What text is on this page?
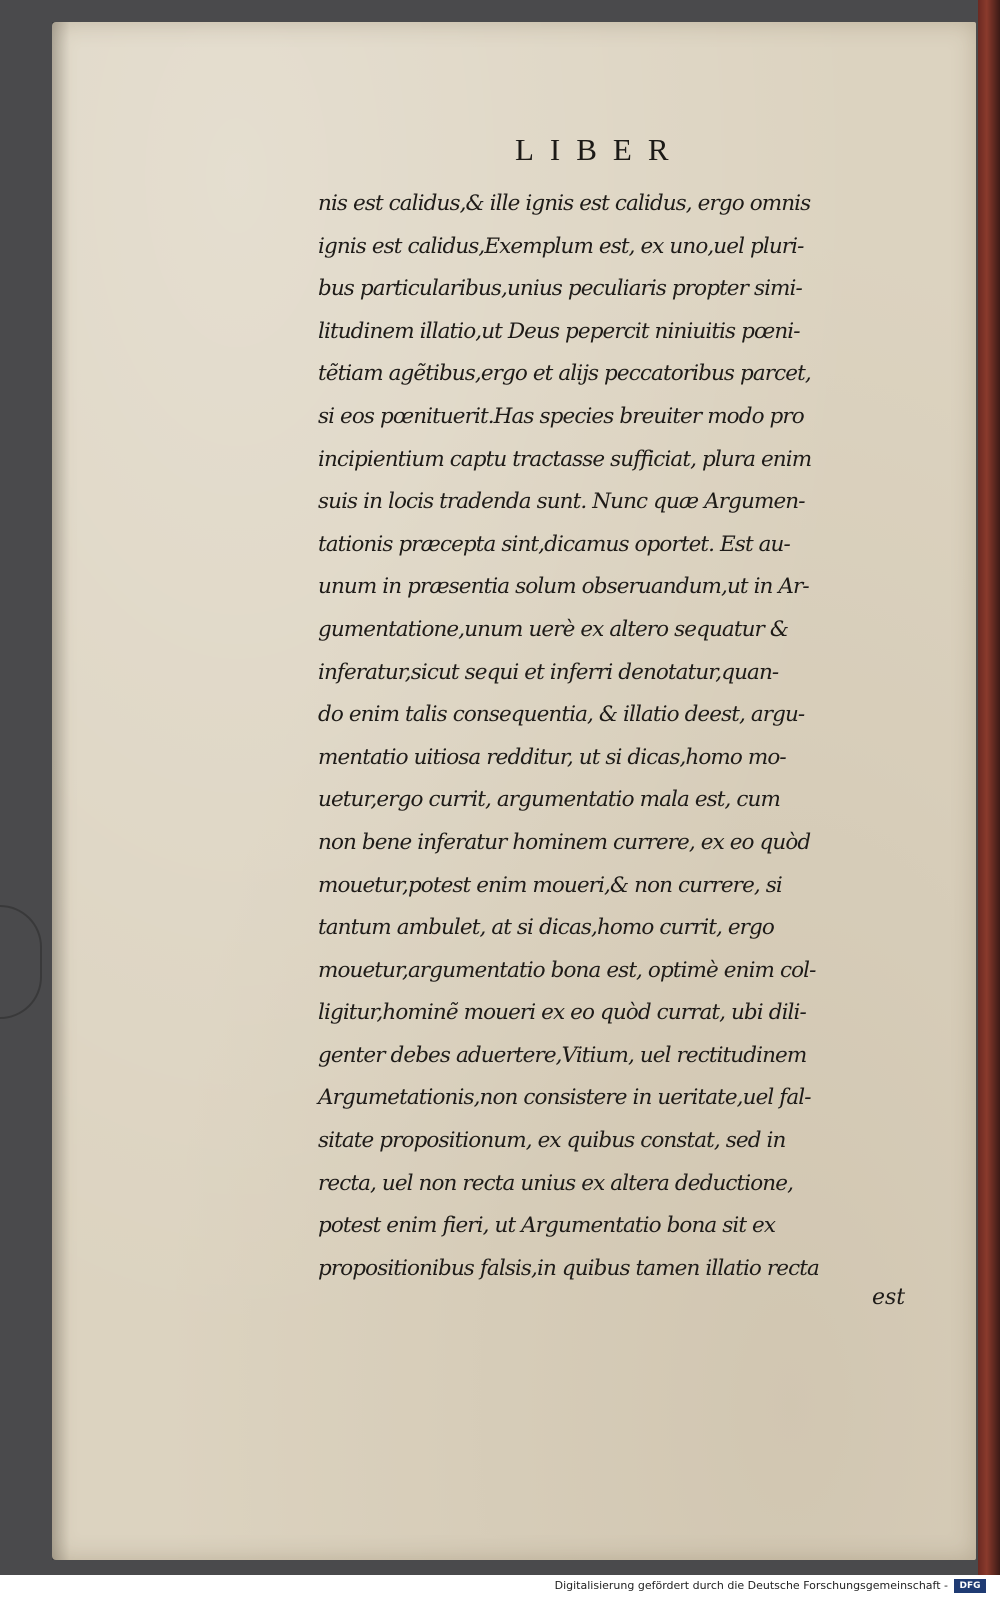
LIBER
nis est calidus,& ille ignis est calidus, ergo omnis
ignis est calidus,Exemplum est, ex uno,uel pluri-
bus particularibus,unius peculiaris propter simi-
litudinem illatio,ut Deus pepercit niniuitis pœni-
tẽtiam agẽtibus,ergo et alijs peccatoribus parcet,
si eos pœnituerit.Has species breuiter modo pro
incipientium captu tractasse sufficiat, plura enim
suis in locis tradenda sunt. Nunc quæ Argumen-
tationis præcepta sint,dicamus oportet. Est au-
unum in præsentia solum obseruandum,ut in Ar-
gumentatione,unum uerè ex altero sequatur &
inferatur,sicut sequi et inferri denotatur,quan-
do enim talis consequentia, & illatio deest, argu-
mentatio uitiosa redditur, ut si dicas,homo mo-
uetur,ergo currit, argumentatio mala est, cum
non bene inferatur hominem currere, ex eo quòd
mouetur,potest enim moueri,& non currere, si
tantum ambulet, at si dicas,homo currit, ergo
mouetur,argumentatio bona est, optimè enim col-
ligitur,hominẽ moueri ex eo quòd currat, ubi dili-
genter debes aduertere,Vitium, uel rectitudinem
Argumetationis,non consistere in ueritate,uel fal-
sitate propositionum, ex quibus constat, sed in
recta, uel non recta unius ex altera deductione,
potest enim fieri, ut Argumentatio bona sit ex
propositionibus falsis,in quibus tamen illatio recta

est

Digitalisierung gefördert durch die Deutsche Forschungsgemeinschaft -	DFG
